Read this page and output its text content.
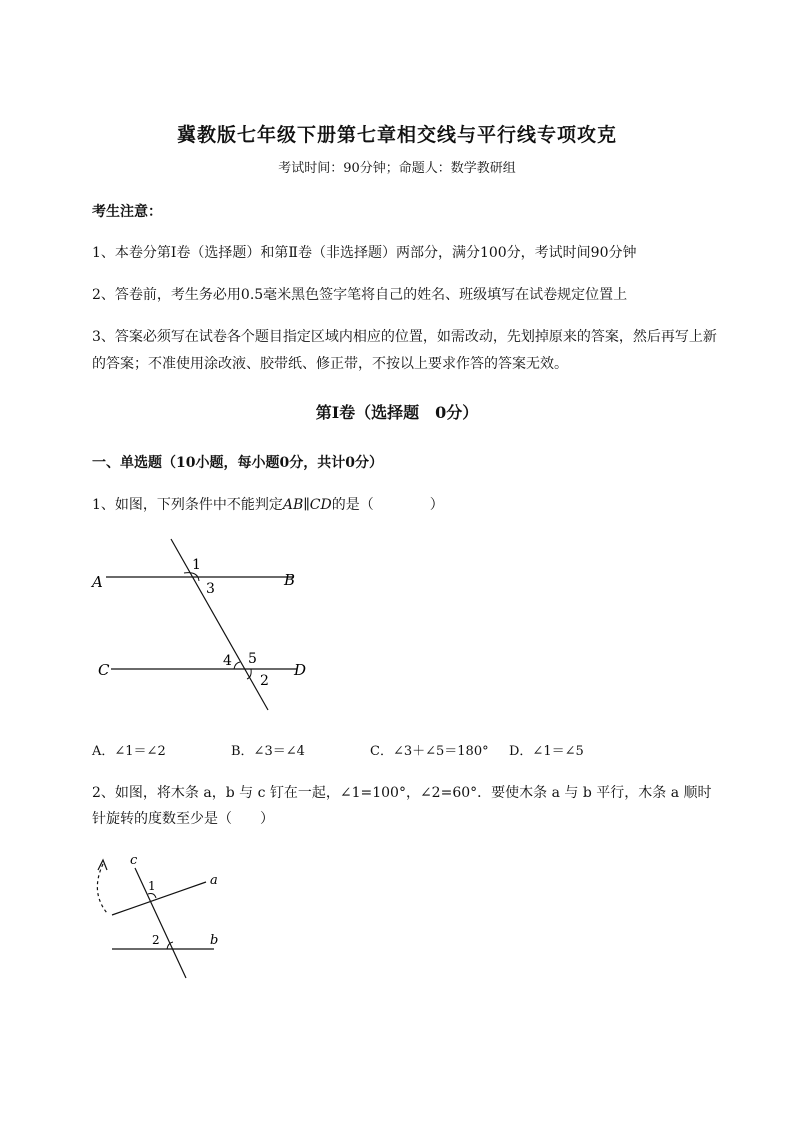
冀教版七年级下册第七章相交线与平行线专项攻克
考试时间：90分钟；命题人：数学教研组
考生注意：
1、本卷分第I卷（选择题）和第Ⅱ卷（非选择题）两部分，满分100分，考试时间90分钟
2、答卷前，考生务必用0.5毫米黑色签字笔将自己的姓名、班级填写在试卷规定位置上
3、答案必须写在试卷各个题目指定区域内相应的位置，如需改动，先划掉原来的答案，然后再写上新
的答案；不准使用涂改液、胶带纸、修正带，不按以上要求作答的答案无效。
第I卷（选择题　0分）
一、单选题（10小题，每小题0分，共计0分）
1、如图，下列条件中不能判定AB∥CD的是（　　　　）
A	B
C	D
1
3
4 5
2
A．∠1＝∠2	B．∠3＝∠4	C．∠3＋∠5＝180° D．∠1＝∠5
2、如图，将木条 a，b 与 c 钉在一起，∠1=100°，∠2=60°．要使木条 a 与 b 平行，木条 a 顺时
针旋转的度数至少是（　　）
c
a
b
1
2
